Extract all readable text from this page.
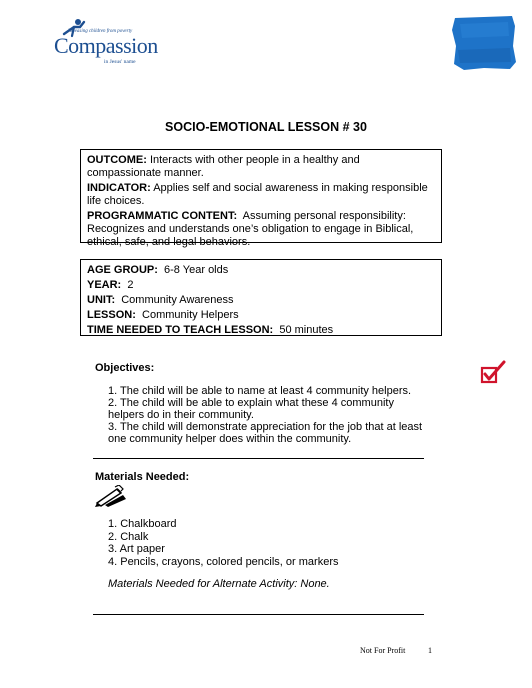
Releasing children from poverty
Compassion
in Jesus' name
SOCIO-EMOTIONAL LESSON # 30

OUTCOME: Interacts with other people in a healthy and compassionate manner.

INDICATOR: Applies self and social awareness in making responsible life choices.

PROGRAMMATIC CONTENT: Assuming personal responsibility: Recognizes and understands one’s obligation to engage in Biblical, ethical, safe, and legal behaviors.

AGE GROUP: 6-8 Year olds

YEAR: 2

UNIT: Community Awareness

LESSON: Community Helpers

TIME NEEDED TO TEACH LESSON: 50 minutes

Objectives:
1. The child will be able to name at least 4 community helpers.
2. The child will be able to explain what these 4 community helpers do in their community.
3. The child will demonstrate appreciation for the job that at least one community helper does within the community.
Materials Needed:
1. Chalkboard
2. Chalk
3. Art paper
4. Pencils, crayons, colored pencils, or markers
Materials Needed for Alternate Activity: None.
Not For Profit	1
